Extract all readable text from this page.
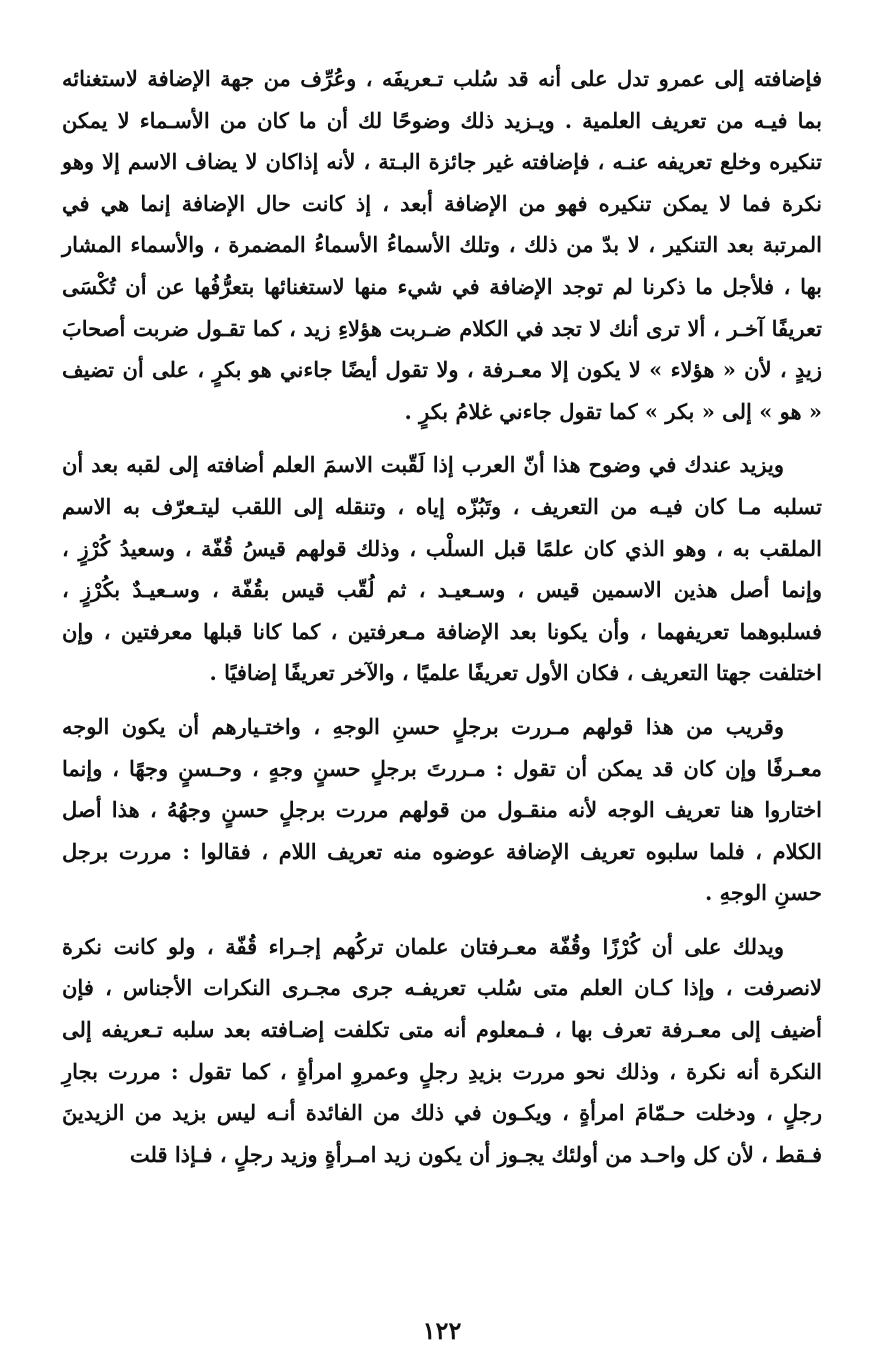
فإضافته إلى عمرو تدل على أنه قد سُلب تـعريفَه ، وعُرِّف من جهة الإضافة لاستغنائه بما فيـه من تعريف العلمية . ويـزيد ذلك وضوحًا لك أن ما كان من الأسـماء لا يمكن تنكيره وخلع تعريفه عنـه ، فإضافته غير جائزة البـتة ، لأنه إذاكان لا يضاف الاسم إلا وهو نكرة فما لا يمكن تنكيره فهو من الإضافة أبعد ، إذ كانت حال الإضافة إنما هي في المرتبة بعد التنكير ، لا بدّ من ذلك ، وتلك الأسماءُ الأسماءُ المضمرة ، والأسماء المشار بها ، فلأجل ما ذكرنا لم توجد الإضافة في شيء منها لاستغنائها بتعرُّفُها عن أن تُكْسَى تعريفًا آخـر ، ألا ترى أنك لا تجد في الكلام ضـربت هؤلاءِ زيد ، كما تقـول ضربت أصحابَ زيدٍ ، لأن « هؤلاء » لا يكون إلا معـرفة ، ولا تقول أيضًا جاءني هو بكرٍ ، على أن تضيف « هو » إلى « بكر » كما تقول جاءني غلامُ بكرٍ .

ويزيد عندك في وضوح هذا أنّ العرب إذا لَقّبت الاسمَ العلم أضافته إلى لقبه بعد أن تسلبه مـا كان فيـه من التعريف ، وتَبُزّه إياه ، وتنقله إلى اللقب ليتـعرّف به الاسم الملقب به ، وهو الذي كان علمًا قبل السلْب ، وذلك قولهم قيسُ قُفّة ، وسعيدُ كُرْزٍ ، وإنما أصل هذين الاسمين قيس ، وسـعيـد ، ثم لُقّب قيس بقُفّة ، وسـعيـدٌ بكُرْزٍ ، فسلبوهما تعريفهما ، وأن يكونا بعد الإضافة مـعرفتين ، كما كانا قبلها معرفتين ، وإن اختلفت جهتا التعريف ، فكان الأول تعريفًا علميًا ، والآخر تعريفًا إضافيًا .

وقريب من هذا قولهم مـررت برجلٍ حسنِ الوجهِ ، واختـيارهم أن يكون الوجه معـرفًا وإن كان قد يمكن أن تقول : مـررتَ برجلٍ حسنٍ وجهٍ ، وحـسنٍ وجهًا ، وإنما اختاروا هنا تعريف الوجه لأنه منقـول من قولهم مررت برجلٍ حسنٍ وجهُهُ ، هذا أصل الكلام ، فلما سلبوه تعريف الإضافة عوضوه منه تعريف اللام ، فقالوا : مررت برجل حسنِ الوجهِ .

ويدلك على أن كُرْزًا وقُفّة معـرفتان علمان تركُهم إجـراء قُفّة ، ولو كانت نكرة لانصرفت ، وإذا كـان العلم متى سُلب تعريفـه جرى مجـرى النكرات الأجناس ، فإن أضيف إلى معـرفة تعرف بها ، فـمعلوم أنه متى تكلفت إضـافته بعد سلبه تـعريفه إلى النكرة أنه نكرة ، وذلك نحو مررت بزيدِ رجلٍ وعمروِ امرأةٍ ، كما تقول : مررت بجارِ رجلٍ ، ودخلت حـمّامَ امرأةٍ ، ويكـون في ذلك من الفائدة أنـه ليس بزيد من الزيدينَ فـقط ، لأن كل واحـد من أولئك يجـوز أن يكون زيد امـرأةٍ وزيد رجلٍ ، فـإذا قلت

١٢٢
